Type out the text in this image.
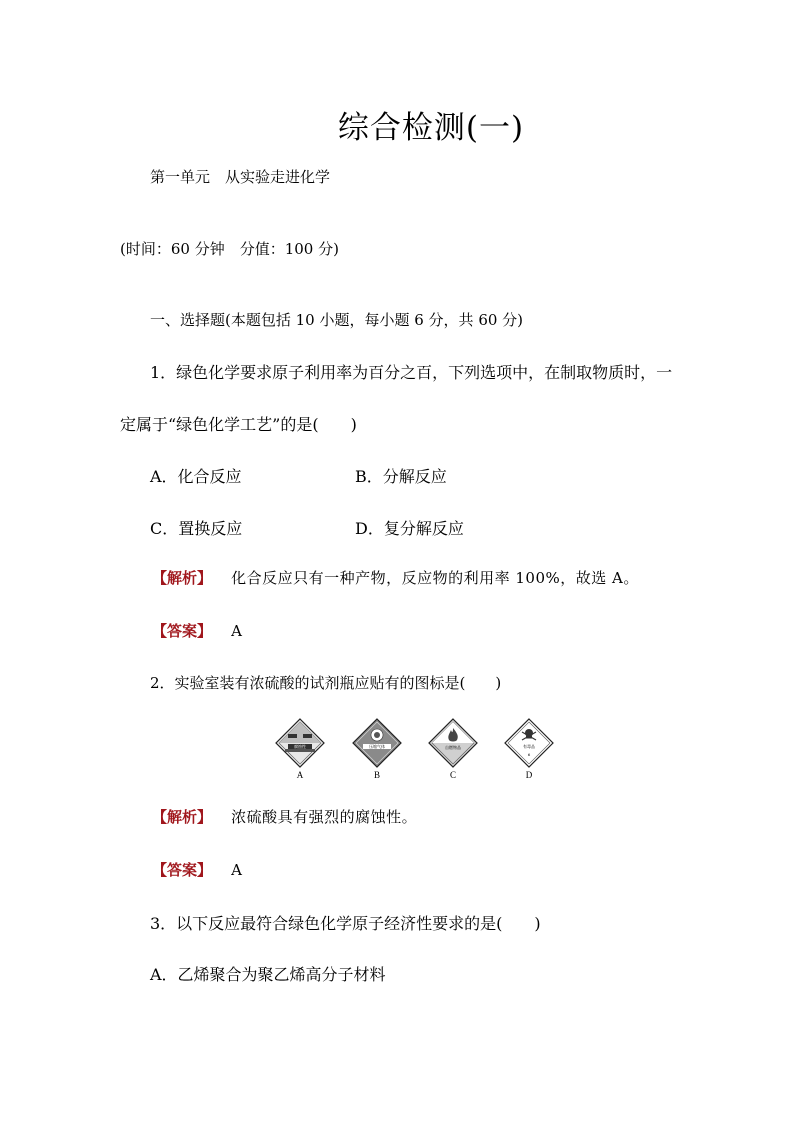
综合检测(一)
第一单元　从实验走进化学
(时间：60 分钟　分值：100 分)
一、选择题(本题包括 10 小题，每小题 6 分，共 60 分)
1．绿色化学要求原子利用率为百分之百，下列选项中，在制取物质时，一
定属于“绿色化学工艺”的是(　　)
A．化合反应	B．分解反应
C．置换反应	D．复分解反应
【解析】 化合反应只有一种产物，反应物的利用率 100%，故选 A。
【答案】 A
2．实验室装有浓硫酸的试剂瓶应贴有的图标是(　　)
腐蚀性
A
压缩气体
B
自燃物品
C
有毒品
6
D
【解析】 浓硫酸具有强烈的腐蚀性。
【答案】 A
3．以下反应最符合绿色化学原子经济性要求的是(　　)
A．乙烯聚合为聚乙烯高分子材料
